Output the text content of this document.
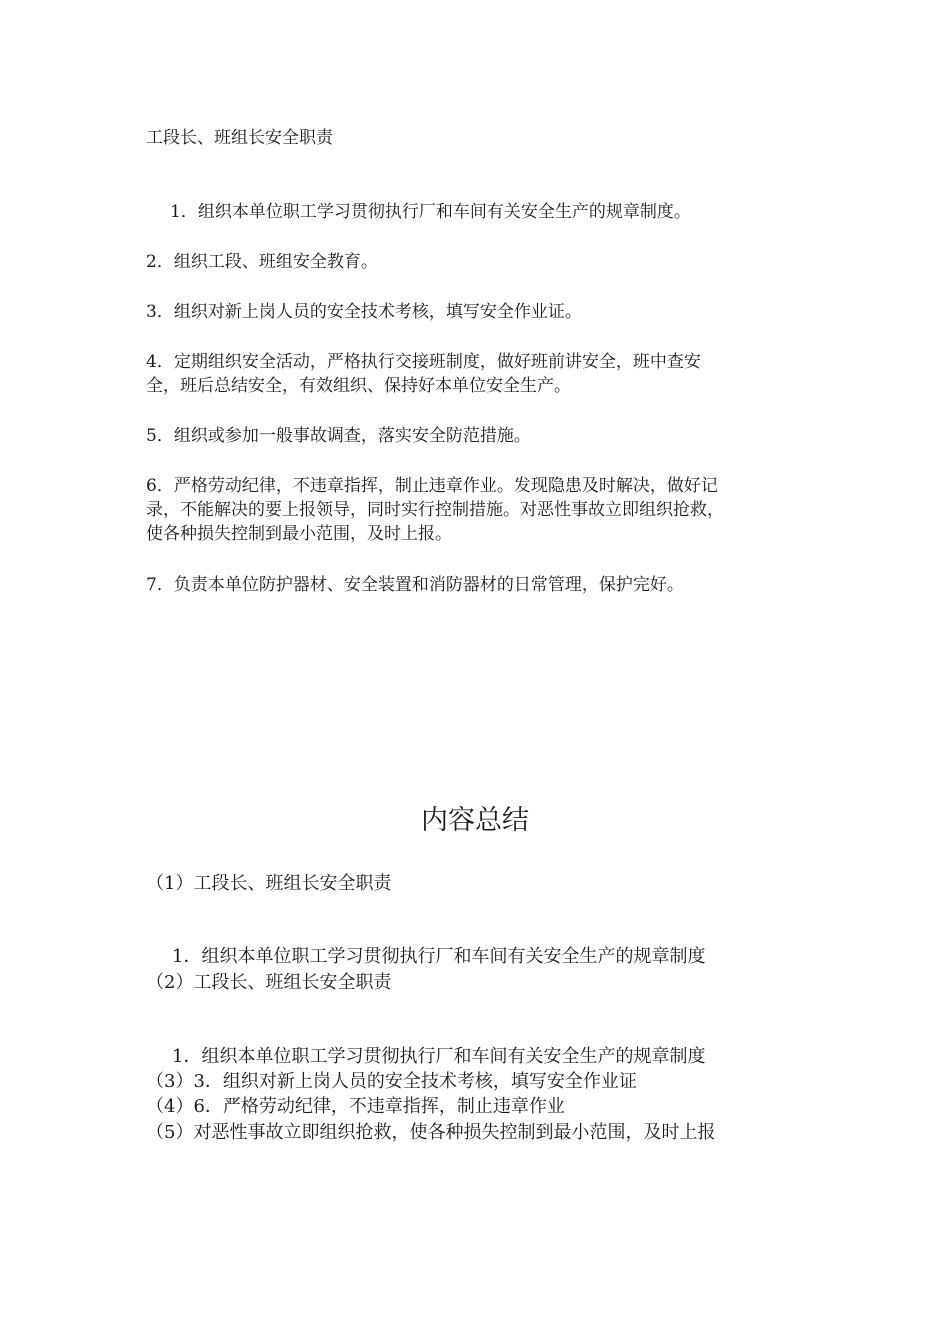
工段长、班组长安全职责
1．组织本单位职工学习贯彻执行厂和车间有关安全生产的规章制度。
2．组织工段、班组安全教育。
3．组织对新上岗人员的安全技术考核，填写安全作业证。
4．定期组织安全活动，严格执行交接班制度，做好班前讲安全，班中查安
全，班后总结安全，有效组织、保持好本单位安全生产。
5．组织或参加一般事故调查，落实安全防范措施。
6．严格劳动纪律，不违章指挥，制止违章作业。发现隐患及时解决，做好记
录，不能解决的要上报领导，同时实行控制措施。对恶性事故立即组织抢救，
使各种损失控制到最小范围，及时上报。
7．负责本单位防护器材、安全装置和消防器材的日常管理，保护完好。
内容总结
（1）工段长、班组长安全职责
1．组织本单位职工学习贯彻执行厂和车间有关安全生产的规章制度
（2）工段长、班组长安全职责
1．组织本单位职工学习贯彻执行厂和车间有关安全生产的规章制度
（3）3．组织对新上岗人员的安全技术考核，填写安全作业证
（4）6．严格劳动纪律，不违章指挥，制止违章作业
（5）对恶性事故立即组织抢救，使各种损失控制到最小范围，及时上报
